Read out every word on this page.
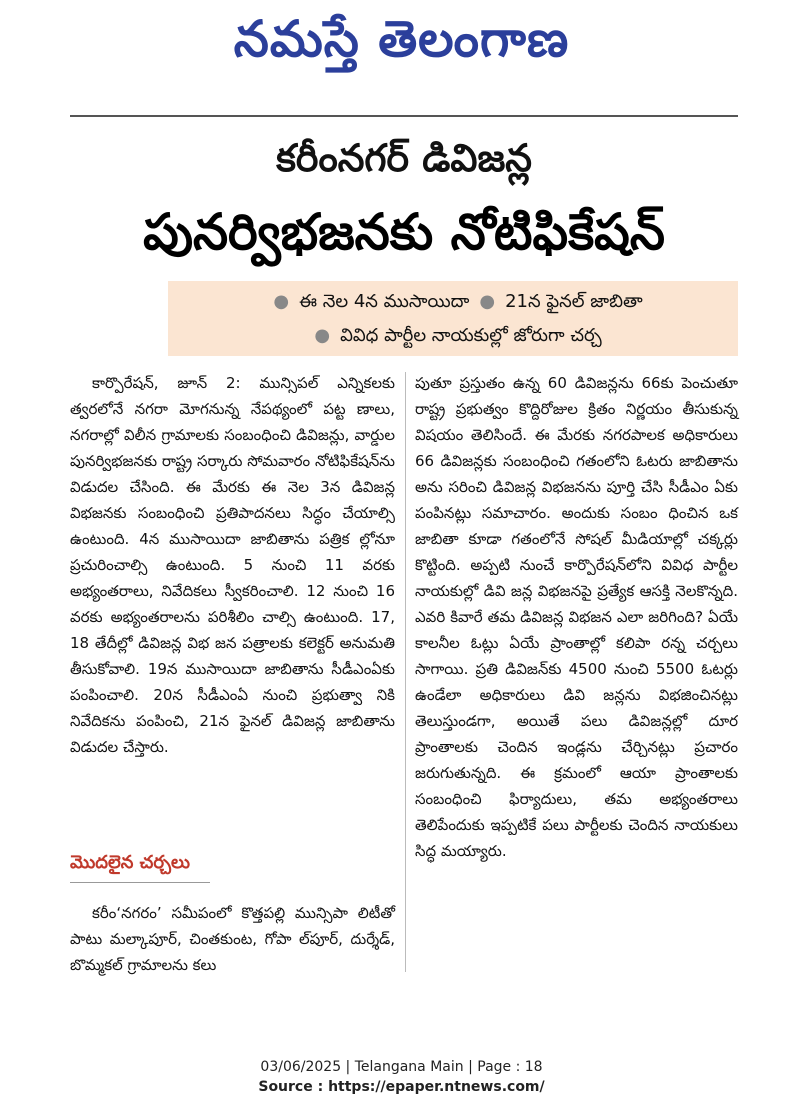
నమస్తే తెలంగాణ
కరీంనగర్ డివిజన్ల
పునర్విభజనకు నోటిఫికేషన్
● ఈ నెల 4న ముసాయిదా ● 21న ఫైనల్ జాబితా
● వివిధ పార్టీల నాయకుల్లో జోరుగా చర్చ

కార్పొరేషన్, జూన్ 2: మున్సిపల్ ఎన్నికలకు త్వరలోనే నగరా మోగనున్న నేపథ్యంలో పట్ట ణాలు, నగరాల్లో విలీన గ్రామాలకు సంబంధించి డివిజన్లు, వార్డుల పునర్విభజనకు రాష్ట్ర సర్కారు సోమవారం నోటిఫికేషన్‌ను విడుదల చేసింది. ఈ మేరకు ఈ నెల 3న డివిజన్ల విభజనకు సంబంధించి ప్రతిపాదనలు సిద్ధం చేయాల్సి ఉంటుంది. 4న ముసాయిదా జాబితాను పత్రిక ల్లోనూ ప్రచురించాల్సి ఉంటుంది. 5 నుంచి 11 వరకు అభ్యంతరాలు, నివేదికలు స్వీకరించాలి. 12 నుంచి 16 వరకు అభ్యంతరాలను పరిశీలిం చాల్సి ఉంటుంది. 17, 18 తేదీల్లో డివిజన్ల విభ జన పత్రాలకు కలెక్టర్ అనుమతి తీసుకోవాలి. 19న ముసాయిదా జాబితాను సీడీఎంఏకు పంపించాలి. 20న సీడీఎంఏ నుంచి ప్రభుత్వా నికి నివేదికను పంపించి, 21న ఫైనల్ డివిజన్ల జాబితాను విడుదల చేస్తారు.

మొదలైన చర్చలు

కరీం‘నగరం’ సమీపంలో కొత్తపల్లి మున్సిపా లిటీతో పాటు మల్కాపూర్, చింతకుంట, గోపా ల్‌పూర్, దుర్శేడ్, బొమ్మకల్ గ్రామాలను కలు

పుతూ ప్రస్తుతం ఉన్న 60 డివిజన్లను 66కు పెంచుతూ రాష్ట్ర ప్రభుత్వం కొద్దిరోజుల క్రితం నిర్ణయం తీసుకున్న విషయం తెలిసిందే. ఈ మేరకు నగరపాలక అధికారులు 66 డివిజన్లకు సంబంధించి గతంలోని ఓటరు జాబితాను అను సరించి డివిజన్ల విభజనను పూర్తి చేసి సీడీఎం ఏకు పంపినట్లు సమాచారం. అందుకు సంబం ధించిన ఒక జాబితా కూడా గతంలోనే సోషల్ మీడియాల్లో చక్కర్లు కొట్టింది. అప్పటి నుంచే కార్పొరేషన్‌లోని వివిధ పార్టీల నాయకుల్లో డివి జన్ల విభజనపై ప్రత్యేక ఆసక్తి నెలకొన్నది. ఎవరి కివారే తమ డివిజన్ల విభజన ఎలా జరిగింది? ఏయే కాలనీల ఓట్లు ఏయే ప్రాంతాల్లో కలిపా రన్న చర్చలు సాగాయి. ప్రతి డివిజన్‌కు 4500 నుంచి 5500 ఓటర్లు ఉండేలా అధికారులు డివి జన్లను విభజించినట్లు తెలుస్తుండగా, అయితే పలు డివిజన్లల్లో దూర ప్రాంతాలకు చెందిన ఇండ్లను చేర్చినట్లు ప్రచారం జరుగుతున్నది. ఈ క్రమంలో ఆయా ప్రాంతాలకు సంబంధించి ఫిర్యాదులు, తమ అభ్యంతరాలు తెలిపేందుకు ఇప్పటికే పలు పార్టీలకు చెందిన నాయకులు సిద్ధ మయ్యారు.

03/06/2025 | Telangana Main | Page : 18
Source : https://epaper.ntnews.com/
